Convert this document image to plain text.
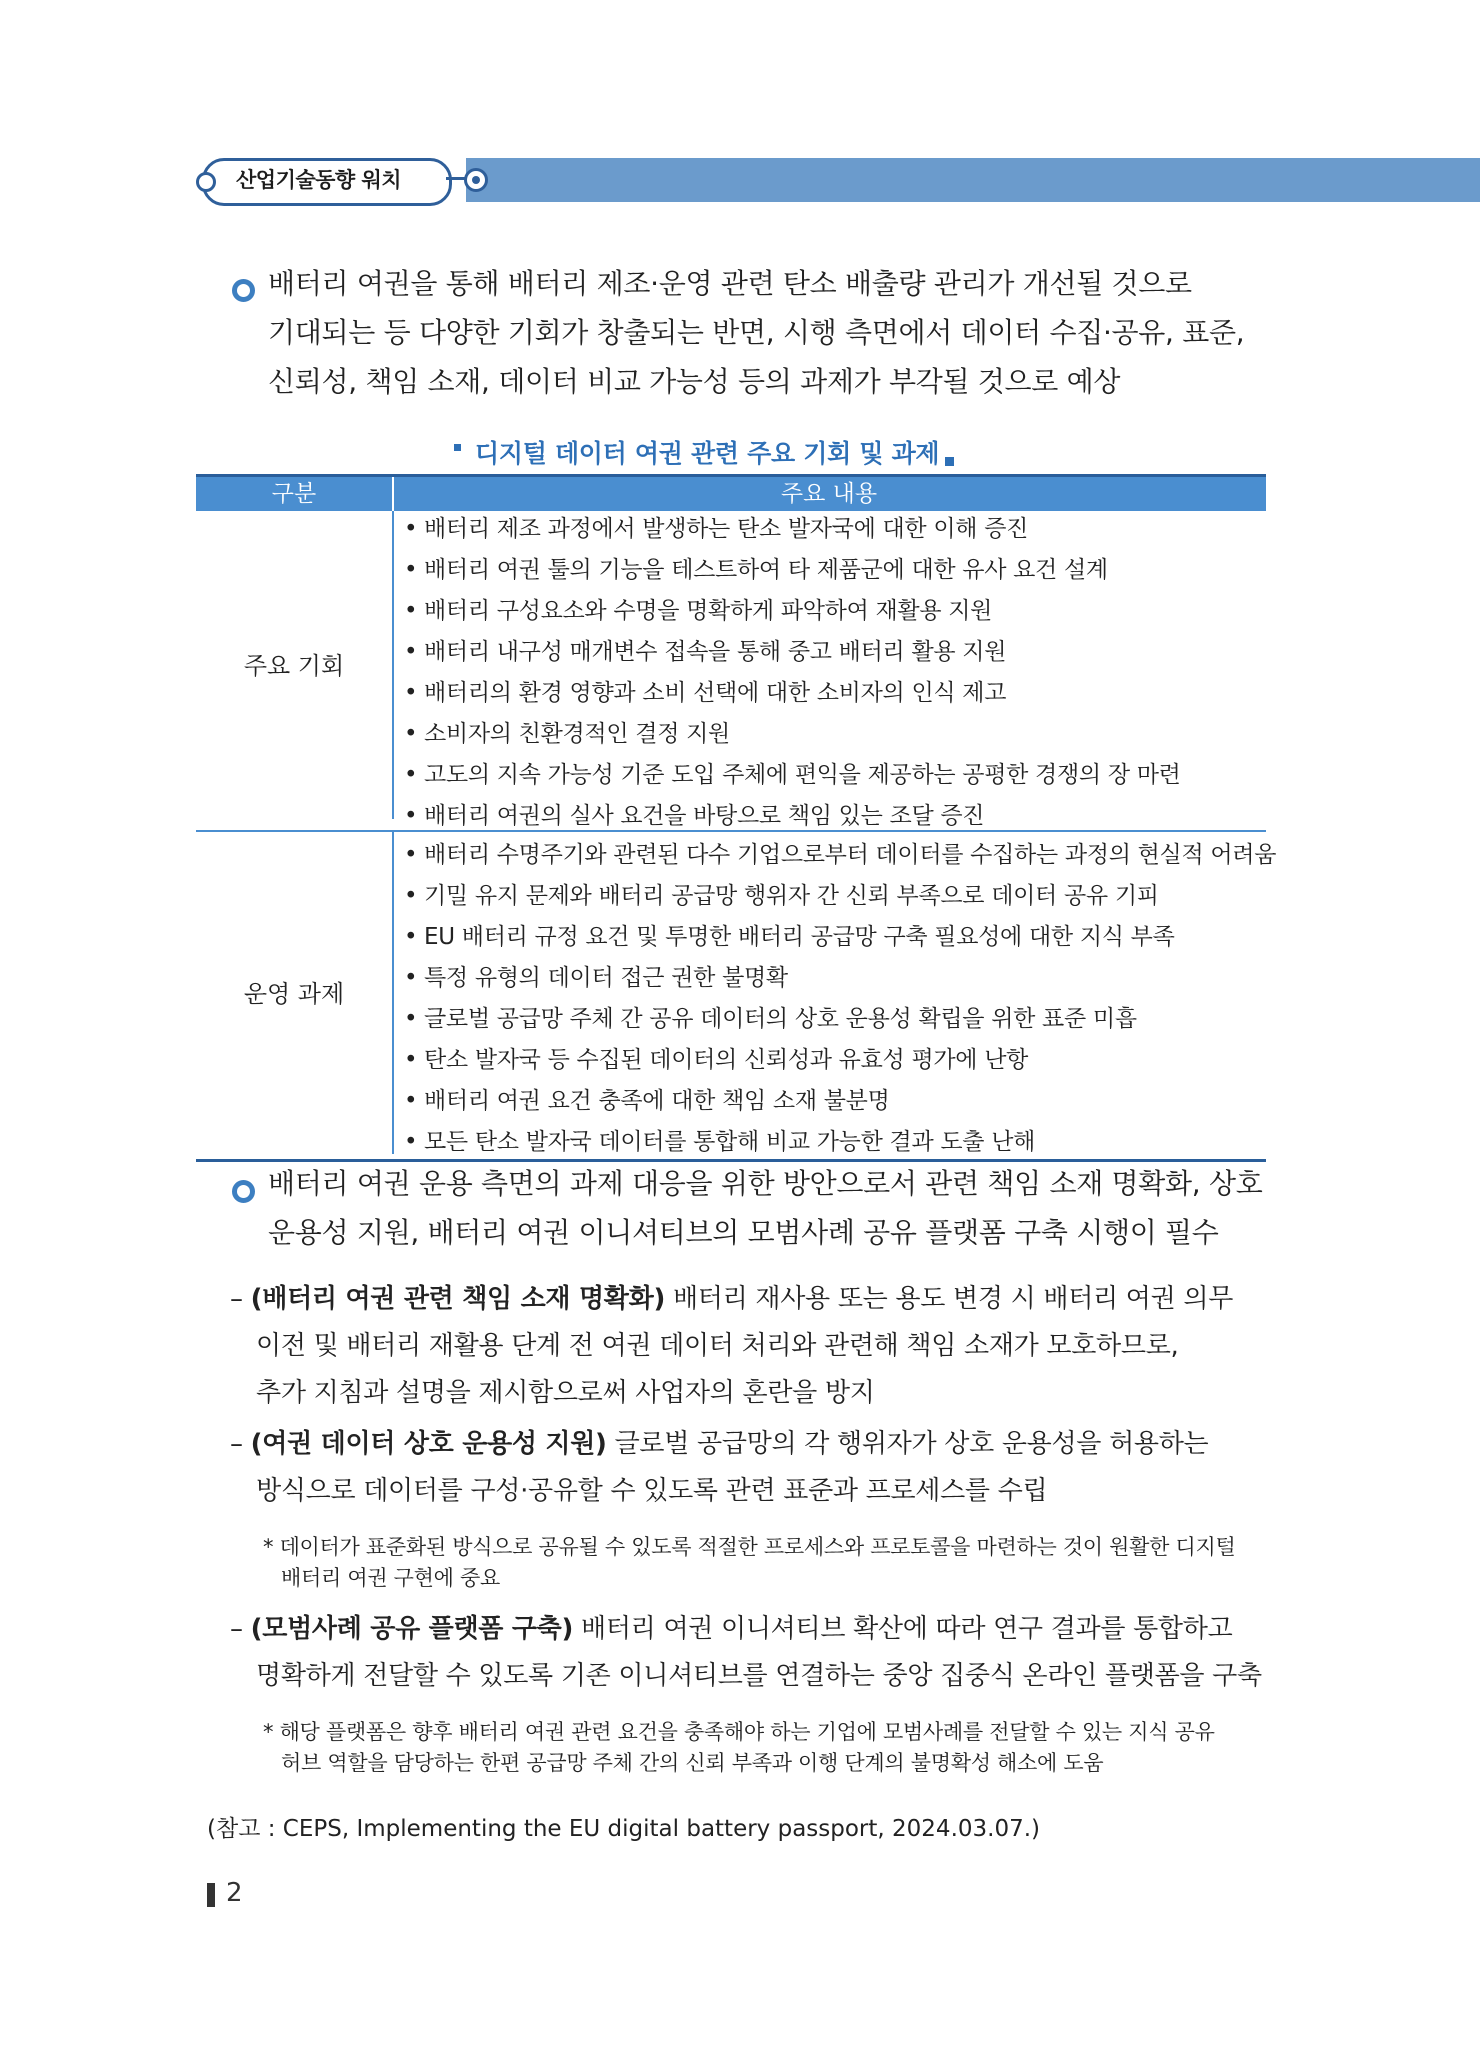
산업기술동향 워치
배터리 여권을 통해 배터리 제조·운영 관련 탄소 배출량 관리가 개선될 것으로
기대되는 등 다양한 기회가 창출되는 반면, 시행 측면에서 데이터 수집·공유, 표준,
신뢰성, 책임 소재, 데이터 비교 가능성 등의 과제가 부각될 것으로 예상
디지털 데이터 여권 관련 주요 기회 및 과제
구분	주요 내용
주요 기회
• 배터리 제조 과정에서 발생하는 탄소 발자국에 대한 이해 증진
• 배터리 여권 툴의 기능을 테스트하여 타 제품군에 대한 유사 요건 설계
• 배터리 구성요소와 수명을 명확하게 파악하여 재활용 지원
• 배터리 내구성 매개변수 접속을 통해 중고 배터리 활용 지원
• 배터리의 환경 영향과 소비 선택에 대한 소비자의 인식 제고
• 소비자의 친환경적인 결정 지원
• 고도의 지속 가능성 기준 도입 주체에 편익을 제공하는 공평한 경쟁의 장 마련
• 배터리 여권의 실사 요건을 바탕으로 책임 있는 조달 증진
운영 과제
• 배터리 수명주기와 관련된 다수 기업으로부터 데이터를 수집하는 과정의 현실적 어려움
• 기밀 유지 문제와 배터리 공급망 행위자 간 신뢰 부족으로 데이터 공유 기피
• EU 배터리 규정 요건 및 투명한 배터리 공급망 구축 필요성에 대한 지식 부족
• 특정 유형의 데이터 접근 권한 불명확
• 글로벌 공급망 주체 간 공유 데이터의 상호 운용성 확립을 위한 표준 미흡
• 탄소 발자국 등 수집된 데이터의 신뢰성과 유효성 평가에 난항
• 배터리 여권 요건 충족에 대한 책임 소재 불분명
• 모든 탄소 발자국 데이터를 통합해 비교 가능한 결과 도출 난해
배터리 여권 운용 측면의 과제 대응을 위한 방안으로서 관련 책임 소재 명확화, 상호
운용성 지원, 배터리 여권 이니셔티브의 모범사례 공유 플랫폼 구축 시행이 필수
– (배터리 여권 관련 책임 소재 명확화) 배터리 재사용 또는 용도 변경 시 배터리 여권 의무
이전 및 배터리 재활용 단계 전 여권 데이터 처리와 관련해 책임 소재가 모호하므로,
추가 지침과 설명을 제시함으로써 사업자의 혼란을 방지
– (여권 데이터 상호 운용성 지원) 글로벌 공급망의 각 행위자가 상호 운용성을 허용하는
방식으로 데이터를 구성·공유할 수 있도록 관련 표준과 프로세스를 수립
* 데이터가 표준화된 방식으로 공유될 수 있도록 적절한 프로세스와 프로토콜을 마련하는 것이 원활한 디지털
배터리 여권 구현에 중요
– (모범사례 공유 플랫폼 구축) 배터리 여권 이니셔티브 확산에 따라 연구 결과를 통합하고
명확하게 전달할 수 있도록 기존 이니셔티브를 연결하는 중앙 집중식 온라인 플랫폼을 구축
* 해당 플랫폼은 향후 배터리 여권 관련 요건을 충족해야 하는 기업에 모범사례를 전달할 수 있는 지식 공유
허브 역할을 담당하는 한편 공급망 주체 간의 신뢰 부족과 이행 단계의 불명확성 해소에 도움
(참고 : CEPS, Implementing the EU digital battery passport, 2024.03.07.)
2
